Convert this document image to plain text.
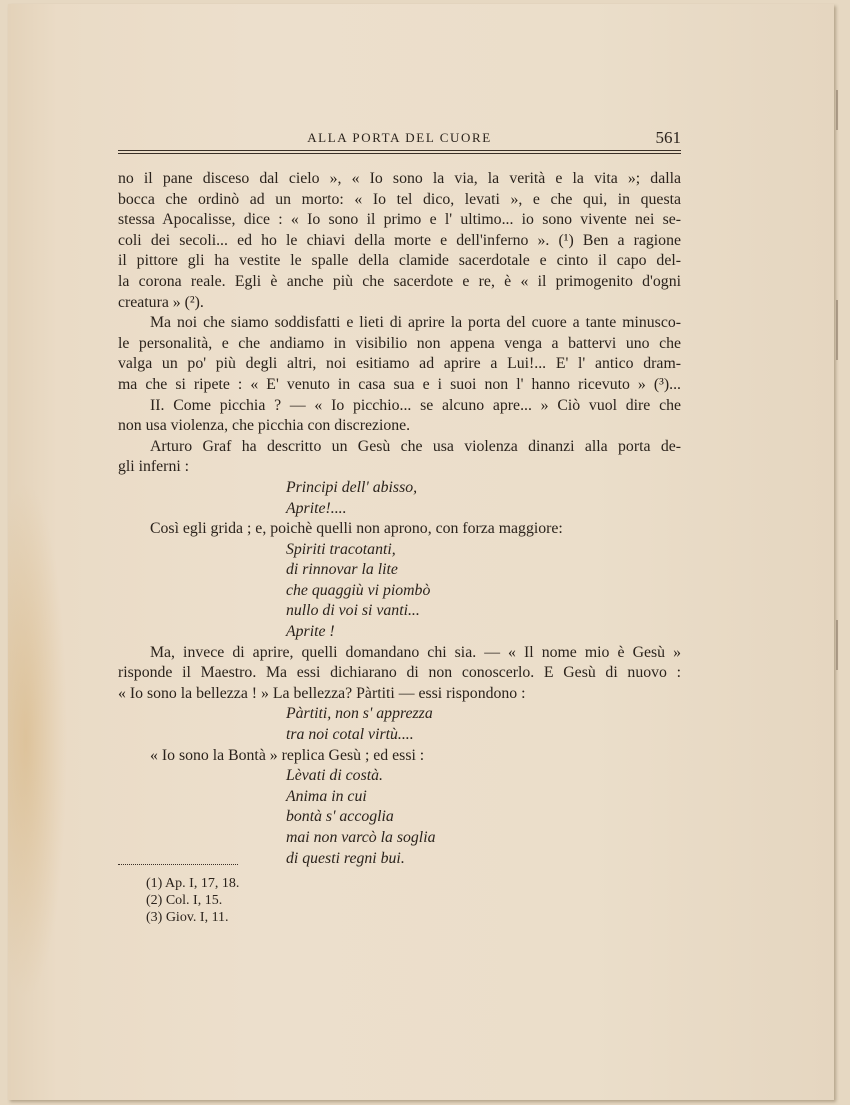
ALLA PORTA DEL CUORE	561
no il pane disceso dal cielo », « Io sono la via, la verità e la vita »; dalla
bocca che ordinò ad un morto: « Io tel dico, levati », e che qui, in questa
stessa Apocalisse, dice : « Io sono il primo e l' ultimo... io sono vivente nei se-
coli dei secoli... ed ho le chiavi della morte e dell'inferno ». (¹) Ben a ragione
il pittore gli ha vestite le spalle della clamide sacerdotale e cinto il capo del-
la corona reale. Egli è anche più che sacerdote e re, è « il primogenito d'ogni
creatura » (²).
Ma noi che siamo soddisfatti e lieti di aprire la porta del cuore a tante minusco-
le personalità, e che andiamo in visibilio non appena venga a battervi uno che
valga un po' più degli altri, noi esitiamo ad aprire a Lui!... E' l' antico dram-
ma che si ripete : « E' venuto in casa sua e i suoi non l' hanno ricevuto » (³)...
II. Come picchia ? — « Io picchio... se alcuno apre... » Ciò vuol dire che
non usa violenza, che picchia con discrezione.
Arturo Graf ha descritto un Gesù che usa violenza dinanzi alla porta de-
gli inferni :
Principi dell' abisso,
Aprite!....
Così egli grida ; e, poichè quelli non aprono, con forza maggiore:
Spiriti tracotanti,
di rinnovar la lite
che quaggiù vi piombò
nullo di voi si vanti...
Aprite !
Ma, invece di aprire, quelli domandano chi sia. — « Il nome mio è Gesù »
risponde il Maestro. Ma essi dichiarano di non conoscerlo. E Gesù di nuovo :
« Io sono la bellezza ! » La bellezza? Pàrtiti — essi rispondono :
Pàrtiti, non s' apprezza
tra noi cotal virtù....
« Io sono la Bontà » replica Gesù ; ed essi :
Lèvati di costà.
Anima in cui
bontà s' accoglia
mai non varcò la soglia
di questi regni bui.
(1) Ap. I, 17, 18.
(2) Col. I, 15.
(3) Giov. I, 11.
